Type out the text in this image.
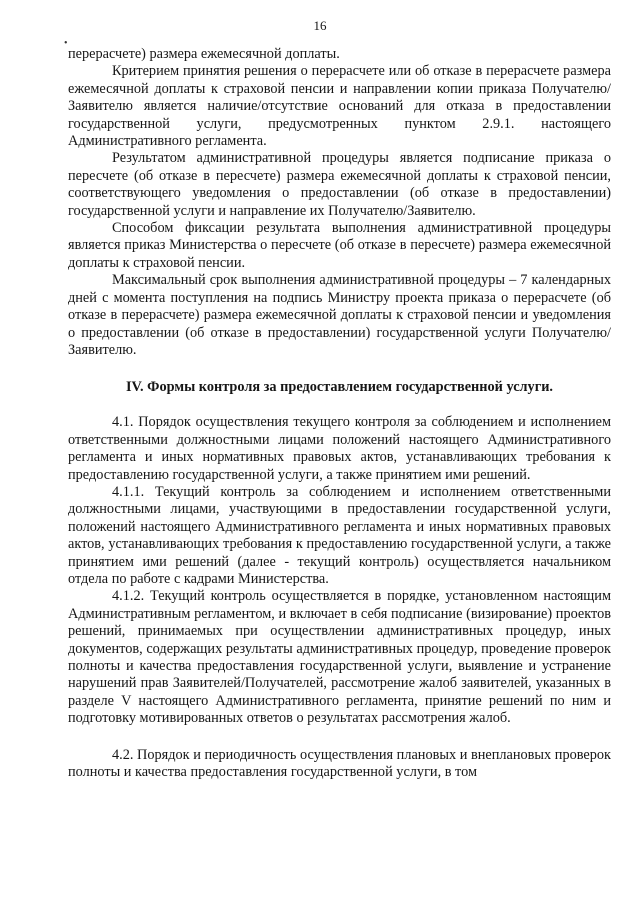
16
•

перерасчете) размера ежемесячной доплаты.

Критерием принятия решения о перерасчете или об отказе в перерасчете размера ежемесячной доплаты к страховой пенсии и направлении копии приказа Получателю/Заявителю является наличие/отсутствие оснований для отказа в предоставлении государственной услуги, предусмотренных пунктом 2.9.1. настоящего Административного регламента.

Результатом административной процедуры является подписание приказа о пересчете (об отказе в пересчете) размера ежемесячной доплаты к страховой пенсии, соответствующего уведомления о предоставлении (об отказе в предоставлении) государственной услуги и направление их Получателю/Заявителю.

Способом фиксации результата выполнения административной процедуры является приказ Министерства о пересчете (об отказе в пересчете) размера ежемесячной доплаты к страховой пенсии.

Максимальный срок выполнения административной процедуры – 7 календарных дней с момента поступления на подпись Министру проекта приказа о перерасчете (об отказе в перерасчете) размера ежемесячной доплаты к страховой пенсии и уведомления о предоставлении (об отказе в предоставлении) государственной услуги Получателю/Заявителю.

IV. Формы контроля за предоставлением государственной услуги.

4.1. Порядок осуществления текущего контроля за соблюдением и исполнением ответственными должностными лицами положений настоящего Административного регламента и иных нормативных правовых актов, устанавливающих требования к предоставлению государственной услуги, а также принятием ими решений.

4.1.1. Текущий контроль за соблюдением и исполнением ответственными должностными лицами, участвующими в предоставлении государственной услуги, положений настоящего Административного регламента и иных нормативных правовых актов, устанавливающих требования к предоставлению государственной услуги, а также принятием ими решений (далее - текущий контроль) осуществляется начальником отдела по работе с кадрами Министерства.

4.1.2. Текущий контроль осуществляется в порядке, установленном настоящим Административным регламентом, и включает в себя подписание (визирование) проектов решений, принимаемых при осуществлении административных процедур, иных документов, содержащих результаты административных процедур, проведение проверок полноты и качества предоставления государственной услуги, выявление и устранение нарушений прав Заявителей/Получателей, рассмотрение жалоб заявителей, указанных в разделе V настоящего Административного регламента, принятие решений по ним и подготовку мотивированных ответов о результатах рассмотрения жалоб.

4.2. Порядок и периодичность осуществления плановых и внеплановых проверок полноты и качества предоставления государственной услуги, в том
